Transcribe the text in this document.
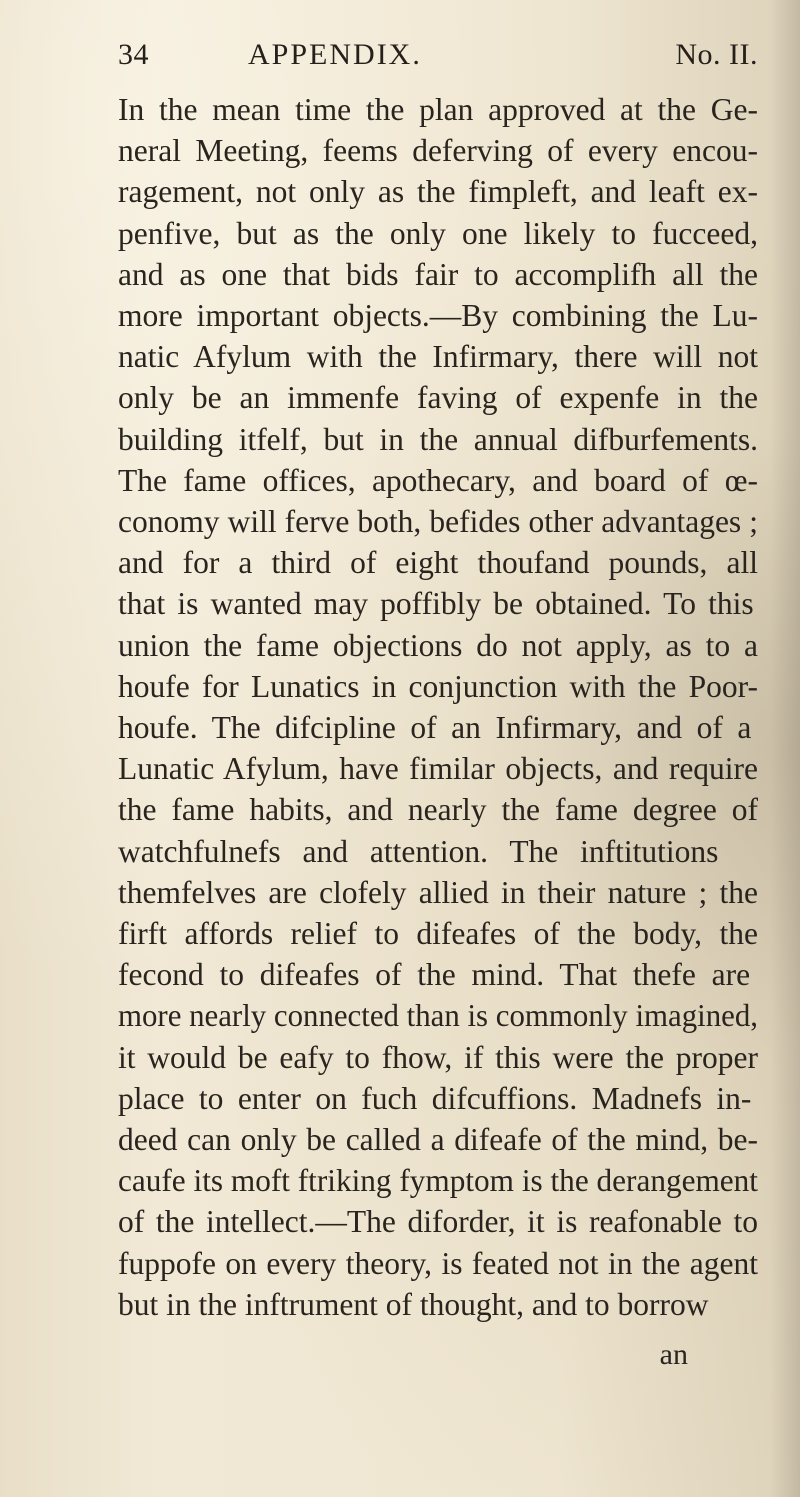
34	APPENDIX.	No. II.
In the mean time the plan approved at the Ge-
neral Meeting, feems deferving of every encou-
ragement, not only as the fimpleft, and leaft ex-
penfive, but as the only one likely to fucceed,
and as one that bids fair to accomplifh all the
more important objects.—By combining the Lu-
natic Afylum with the Infirmary, there will not
only be an immenfe faving of expenfe in the
building itfelf, but in the annual difburfements.
The fame offices, apothecary, and board of œ-
conomy will ferve both, befides other advantages ;
and for a third of eight thoufand pounds, all
that is wanted may poffibly be obtained. To this
union the fame objections do not apply, as to a
houfe for Lunatics in conjunction with the Poor-
houfe. The difcipline of an Infirmary, and of a
Lunatic Afylum, have fimilar objects, and require
the fame habits, and nearly the fame degree of
watchfulnefs and attention. The inftitutions
themfelves are clofely allied in their nature ; the
firft affords relief to difeafes of the body, the
fecond to difeafes of the mind. That thefe are
more nearly connected than is commonly imagined,
it would be eafy to fhow, if this were the proper
place to enter on fuch difcuffions. Madnefs in-
deed can only be called a difeafe of the mind, be-
caufe its moft ftriking fymptom is the derangement
of the intellect.—The diforder, it is reafonable to
fuppofe on every theory, is feated not in the agent
but in the inftrument of thought, and to borrow
an
